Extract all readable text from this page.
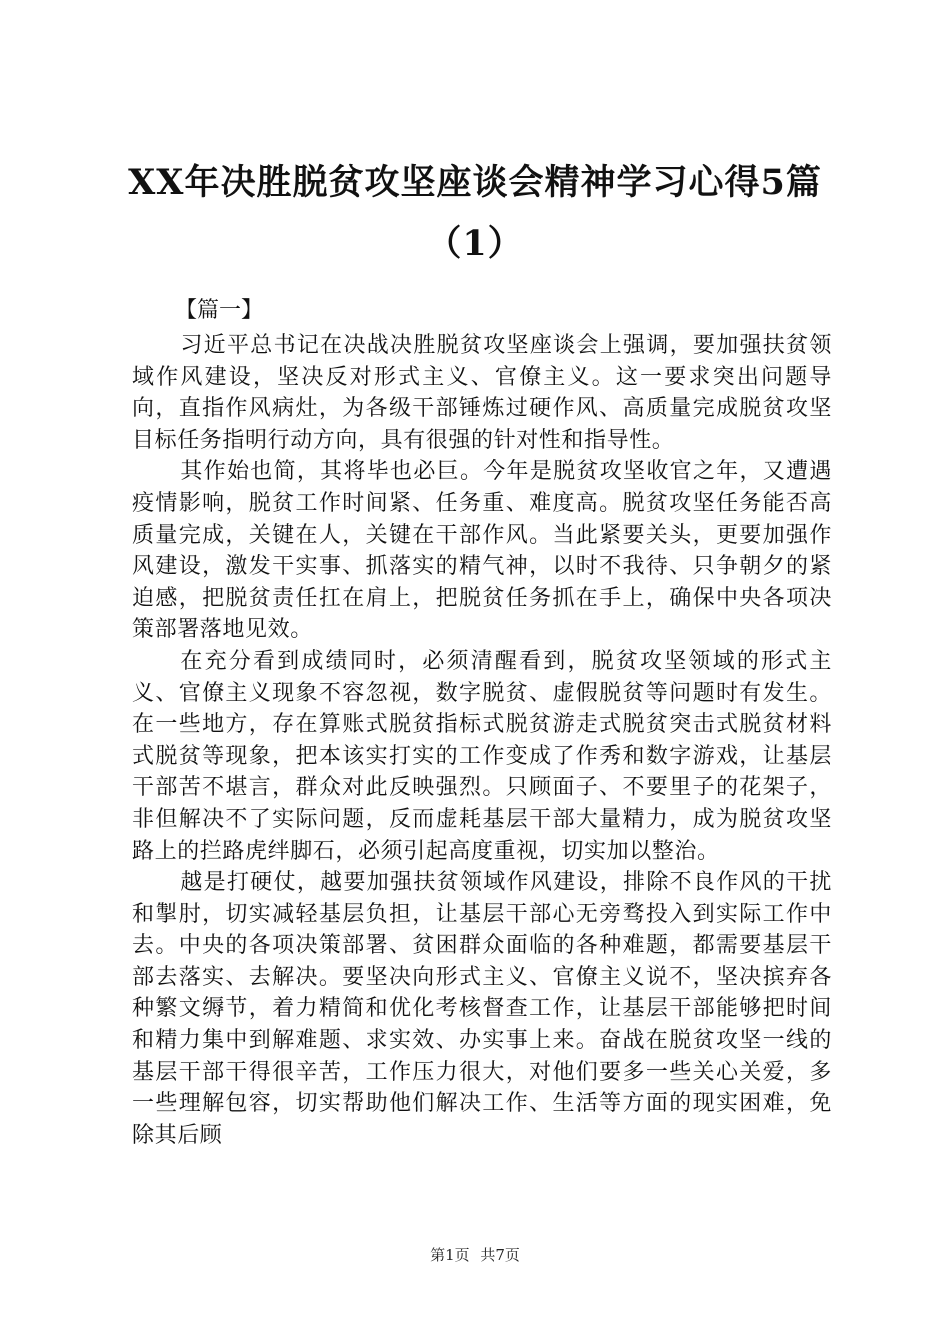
XX年决胜脱贫攻坚座谈会精神学习心得5篇
（1）
【篇一】

习近平总书记在决战决胜脱贫攻坚座谈会上强调，要加强扶贫领域作风建设，坚决反对形式主义、官僚主义。这一要求突出问题导向，直指作风病灶，为各级干部锤炼过硬作风、高质量完成脱贫攻坚目标任务指明行动方向，具有很强的针对性和指导性。

其作始也简，其将毕也必巨。今年是脱贫攻坚收官之年，又遭遇疫情影响，脱贫工作时间紧、任务重、难度高。脱贫攻坚任务能否高质量完成，关键在人，关键在干部作风。当此紧要关头，更要加强作风建设，激发干实事、抓落实的精气神，以时不我待、只争朝夕的紧迫感，把脱贫责任扛在肩上，把脱贫任务抓在手上，确保中央各项决策部署落地见效。

在充分看到成绩同时，必须清醒看到，脱贫攻坚领域的形式主义、官僚主义现象不容忽视，数字脱贫、虚假脱贫等问题时有发生。在一些地方，存在算账式脱贫指标式脱贫游走式脱贫突击式脱贫材料式脱贫等现象，把本该实打实的工作变成了作秀和数字游戏，让基层干部苦不堪言，群众对此反映强烈。只顾面子、不要里子的花架子，非但解决不了实际问题，反而虚耗基层干部大量精力，成为脱贫攻坚路上的拦路虎绊脚石，必须引起高度重视，切实加以整治。

越是打硬仗，越要加强扶贫领域作风建设，排除不良作风的干扰和掣肘，切实减轻基层负担，让基层干部心无旁骛投入到实际工作中去。中央的各项决策部署、贫困群众面临的各种难题，都需要基层干部去落实、去解决。要坚决向形式主义、官僚主义说不，坚决摈弃各种繁文缛节，着力精简和优化考核督查工作，让基层干部能够把时间和精力集中到解难题、求实效、办实事上来。奋战在脱贫攻坚一线的基层干部干得很辛苦，工作压力很大，对他们要多一些关心关爱，多一些理解包容，切实帮助他们解决工作、生活等方面的现实困难，免除其后顾

第1页 共7页
